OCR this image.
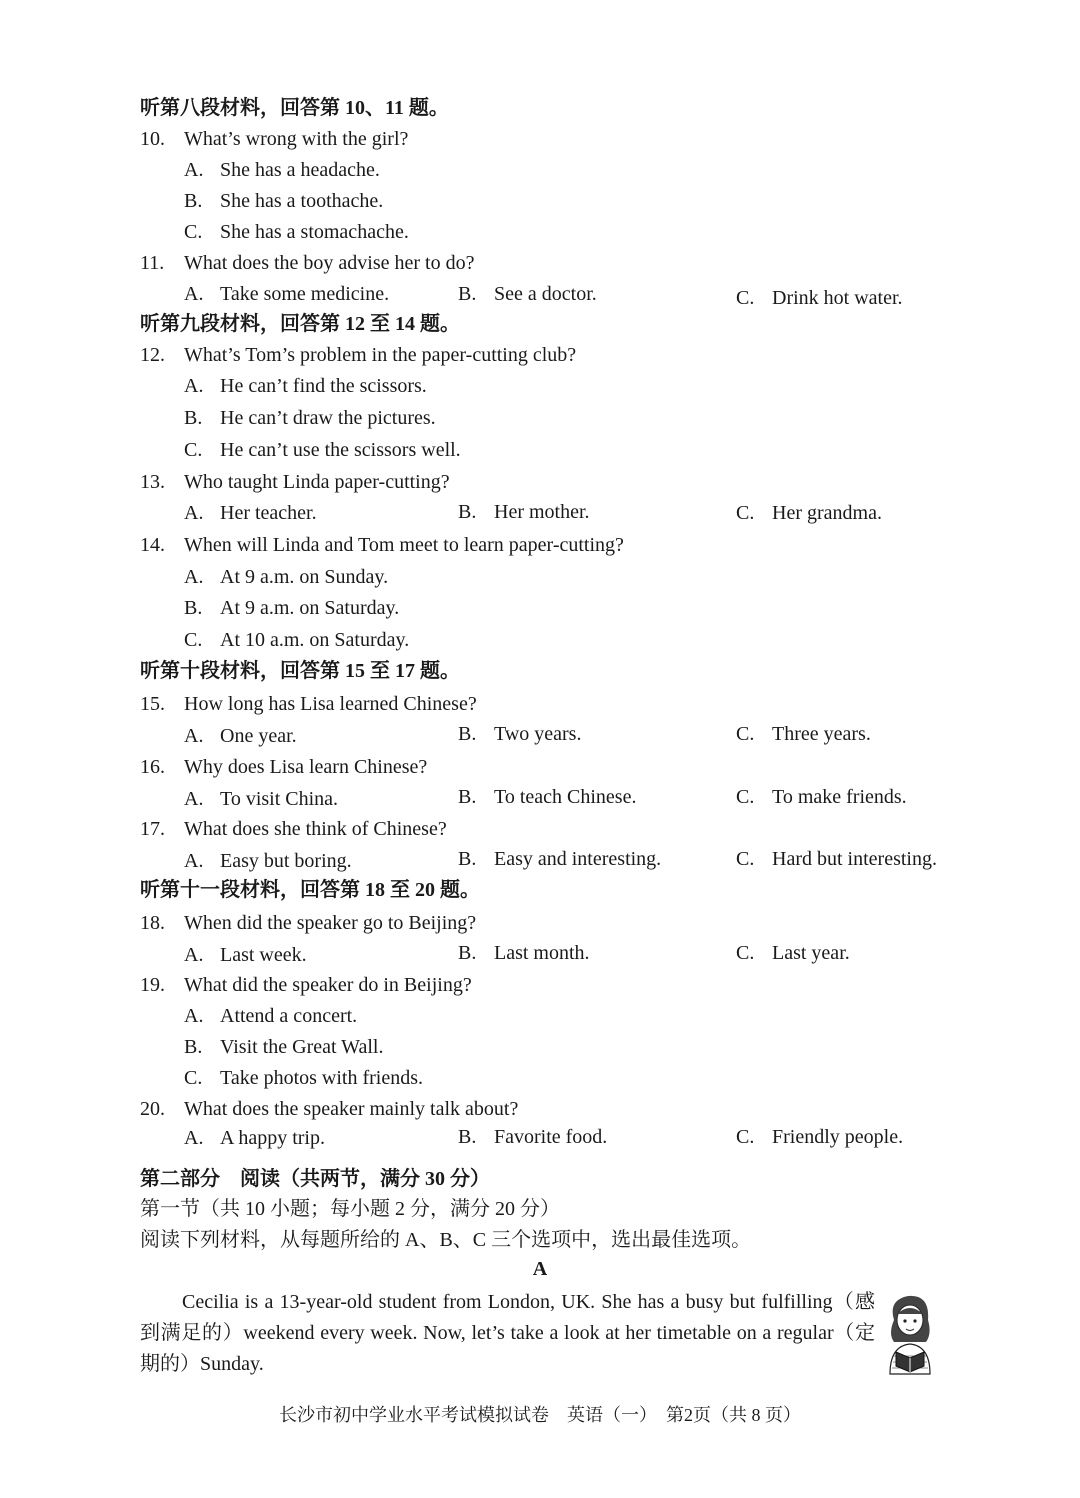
听第八段材料，回答第 10、11 题。
10. What’s wrong with the girl?
A. She has a headache.
B. She has a toothache.
C. She has a stomachache.
11. What does the boy advise her to do?
A. Take some medicine.	B. See a doctor.	C. Drink hot water.
听第九段材料，回答第 12 至 14 题。
12. What’s Tom’s problem in the paper-cutting club?
A. He can’t find the scissors.
B. He can’t draw the pictures.
C. He can’t use the scissors well.
13. Who taught Linda paper-cutting?
A. Her teacher.	B. Her mother.	C. Her grandma.
14. When will Linda and Tom meet to learn paper-cutting?
A. At 9 a.m. on Sunday.
B. At 9 a.m. on Saturday.
C. At 10 a.m. on Saturday.
听第十段材料，回答第 15 至 17 题。
15. How long has Lisa learned Chinese?
A. One year.	B. Two years.	C. Three years.
16. Why does Lisa learn Chinese?
A. To visit China.	B. To teach Chinese.	C. To make friends.
17. What does she think of Chinese?
A. Easy but boring.	B. Easy and interesting.	C. Hard but interesting.
听第十一段材料，回答第 18 至 20 题。
18. When did the speaker go to Beijing?
A. Last week.	B. Last month.	C. Last year.
19. What did the speaker do in Beijing?
A. Attend a concert.
B. Visit the Great Wall.
C. Take photos with friends.
20. What does the speaker mainly talk about?
A. A happy trip.	B. Favorite food.	C. Friendly people.
第二部分　阅读（共两节，满分 30 分）
第一节（共 10 小题；每小题 2 分，满分 20 分）
阅读下列材料，从每题所给的 A、B、C 三个选项中，选出最佳选项。
A

Cecilia is a 13-year-old student from London, UK. She has a busy but fulfilling（感到满足的）weekend every week. Now, let’s take a look at her timetable on a regular（定期的）Sunday.

长沙市初中学业水平考试模拟试卷　英语（一）　第2页（共 8 页）
